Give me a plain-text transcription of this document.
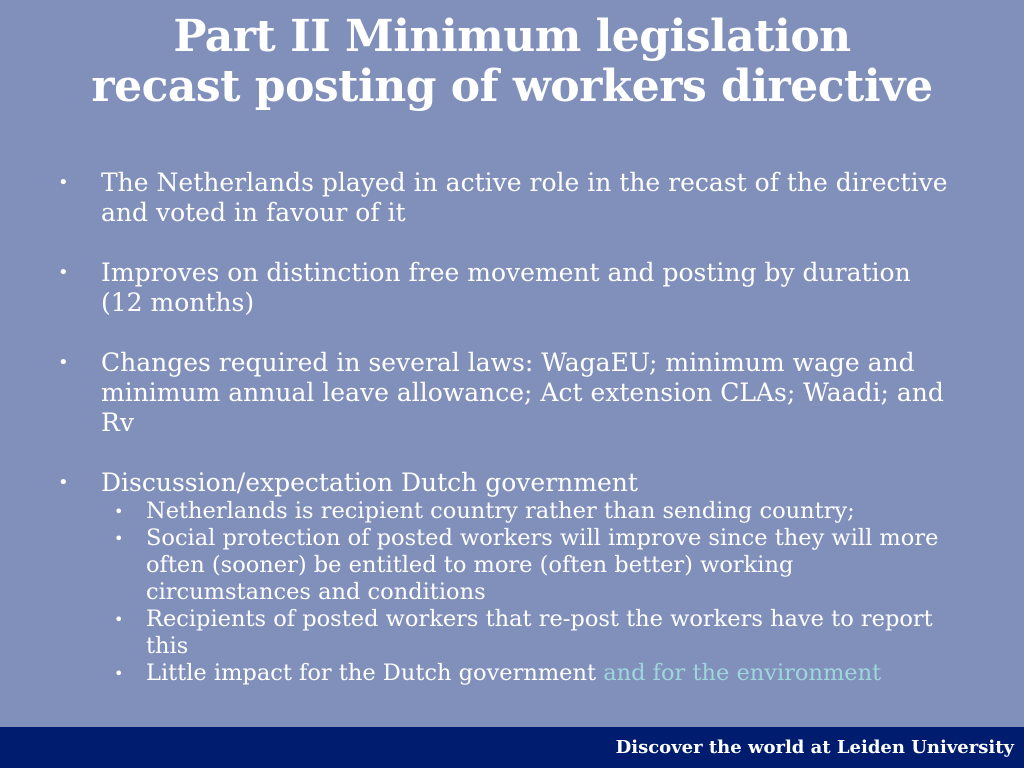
Part II Minimum legislation
recast posting of workers directive
•	The Netherlands played in active role in the recast of the directive and voted in favour of it
•	Improves on distinction free movement and posting by duration (12 months)
•	Changes required in several laws: WagaEU; minimum wage and minimum annual leave allowance; Act extension CLAs; Waadi; and Rv
•	Discussion/expectation Dutch government
•	Netherlands is recipient country rather than sending country;
•	Social protection of posted workers will improve since they will more often (sooner) be entitled to more (often better) working circumstances and conditions
•	Recipients of posted workers that re-post the workers have to report this
•	Little impact for the Dutch government and for the environment
Discover the world at Leiden University
